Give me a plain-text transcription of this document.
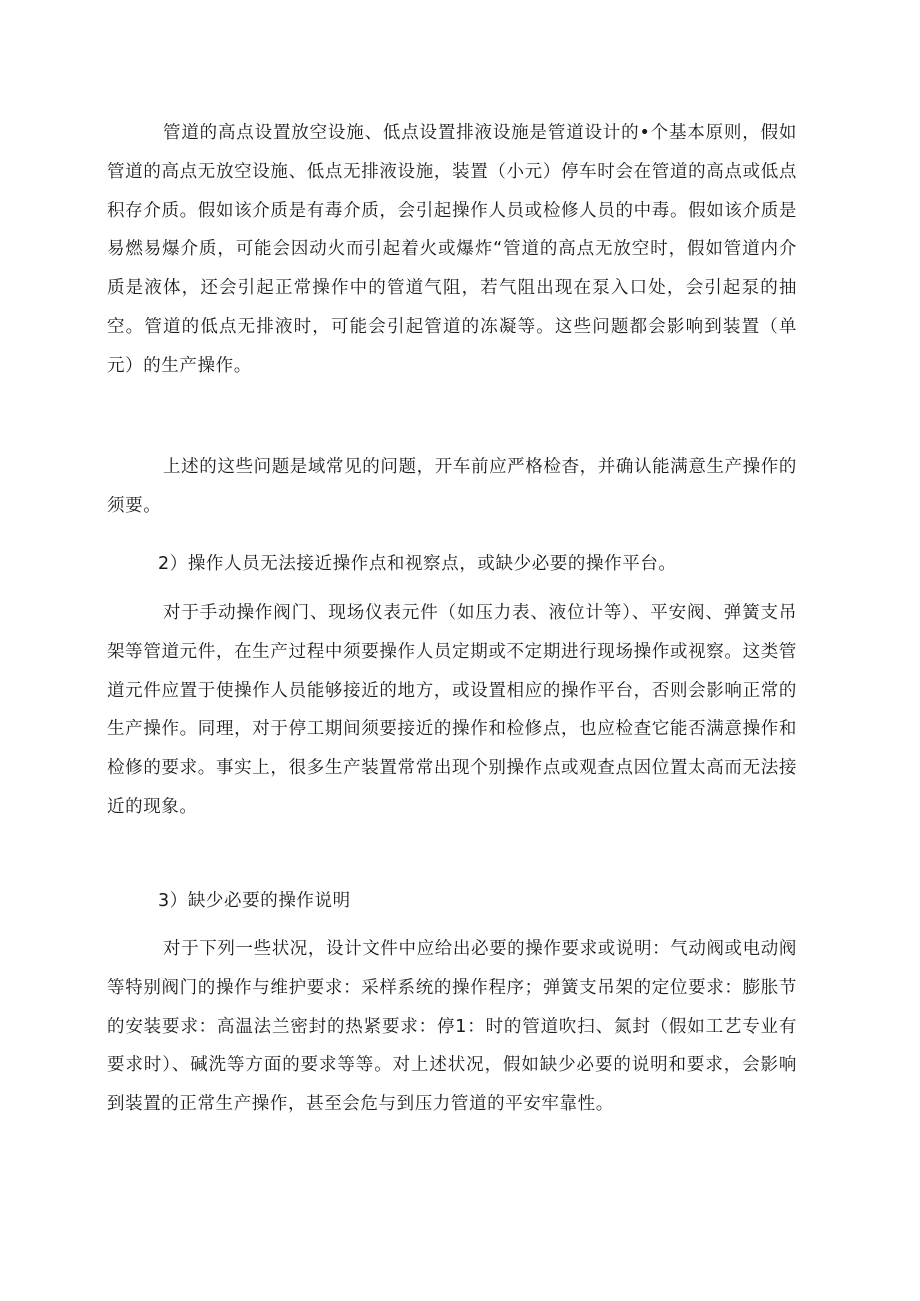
管道的高点设置放空设施、低点设置排液设施是管道设计的•个基本原则，假如管道的高点无放空设施、低点无排液设施，装置（小元）停车时会在管道的高点或低点积存介质。假如该介质是有毒介质，会引起操作人员或检修人员的中毒。假如该介质是易燃易爆介质，可能会因动火而引起着火或爆炸“管道的高点无放空时，假如管道内介质是液体，还会引起正常操作中的管道气阻，若气阻出现在泵入口处，会引起泵的抽空。管道的低点无排液时，可能会引起管道的冻凝等。这些问题都会影响到装置（单元）的生产操作。

上述的这些问题是域常见的问题，开车前应严格检杳，并确认能满意生产操作的须要。

2）操作人员无法接近操作点和视察点，或缺少必要的操作平台。

对于手动操作阀门、现场仪表元件（如压力表、液位计等）、平安阀、弹簧支吊架等管道元件，在生产过程中须要操作人员定期或不定期进行现场操作或视察。这类管道元件应置于使操作人员能够接近的地方，或设置相应的操作平台，否则会影响正常的生产操作。同理，对于停工期间须要接近的操作和检修点，也应检查它能否满意操作和检修的要求。事实上，很多生产装置常常出现个别操作点或观查点因位置太高而无法接近的现象。

3）缺少必要的操作说明

对于下列一些状况，设计文件中应给出必要的操作要求或说明：气动阀或电动阀等特别阀门的操作与维护要求：采样系统的操作程序；弹簧支吊架的定位要求：膨胀节的安装要求：高温法兰密封的热紧要求：停1：时的管道吹扫、氮封（假如工艺专业有要求时）、碱洗等方面的要求等等。对上述状况，假如缺少必要的说明和要求，会影响到装置的正常生产操作，甚至会危与到压力管道的平安牢靠性。
